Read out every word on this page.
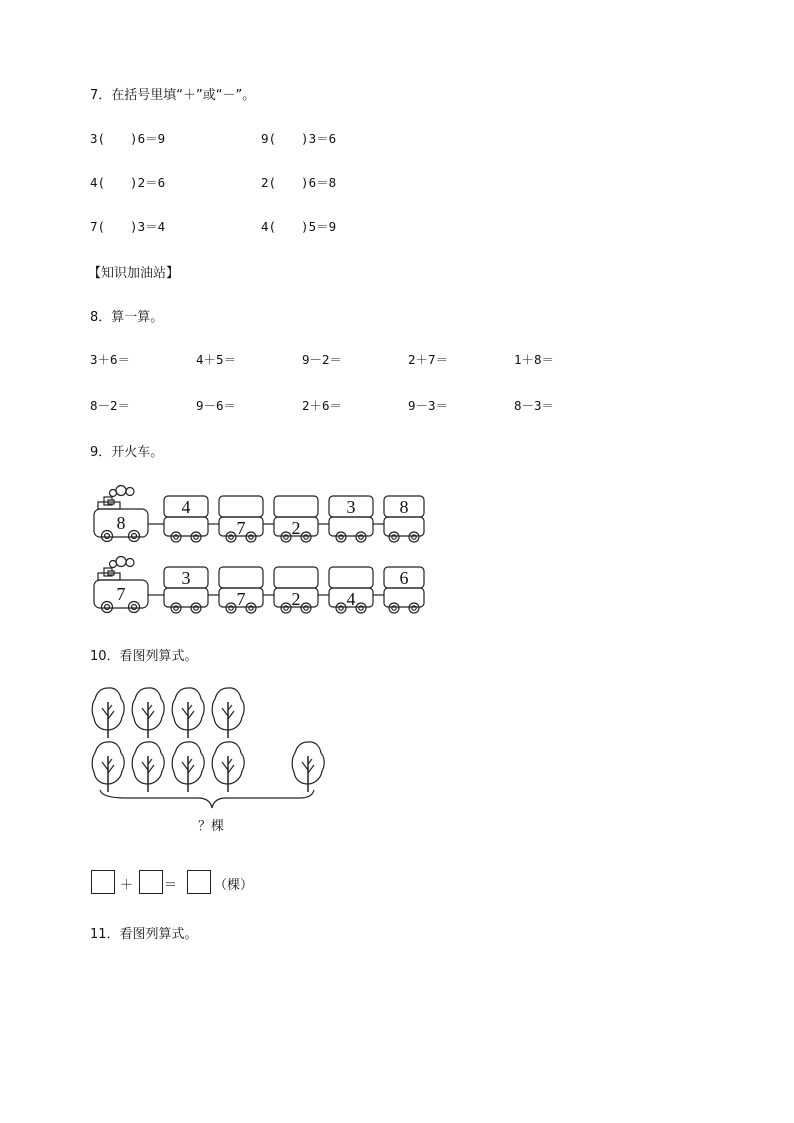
7．在括号里填“＋”或“－”。
3(　　)6＝9	9(　　)3＝6
4(　　)2＝6	2(　　)6＝8
7(　　)3＝4	4(　　)5＝9
【知识加油站】
8．算一算。
3＋6＝	4＋5＝	9－2＝	2＋7＝	1＋8＝
8－2＝	9－6＝	2＋6＝	9－3＝	8－3＝
9．开火车。
8
4	3 8
7	2
7
3	6
7	2	4
10．看图列算式。
？棵
＋ ＝	（棵）
11．看图列算式。
